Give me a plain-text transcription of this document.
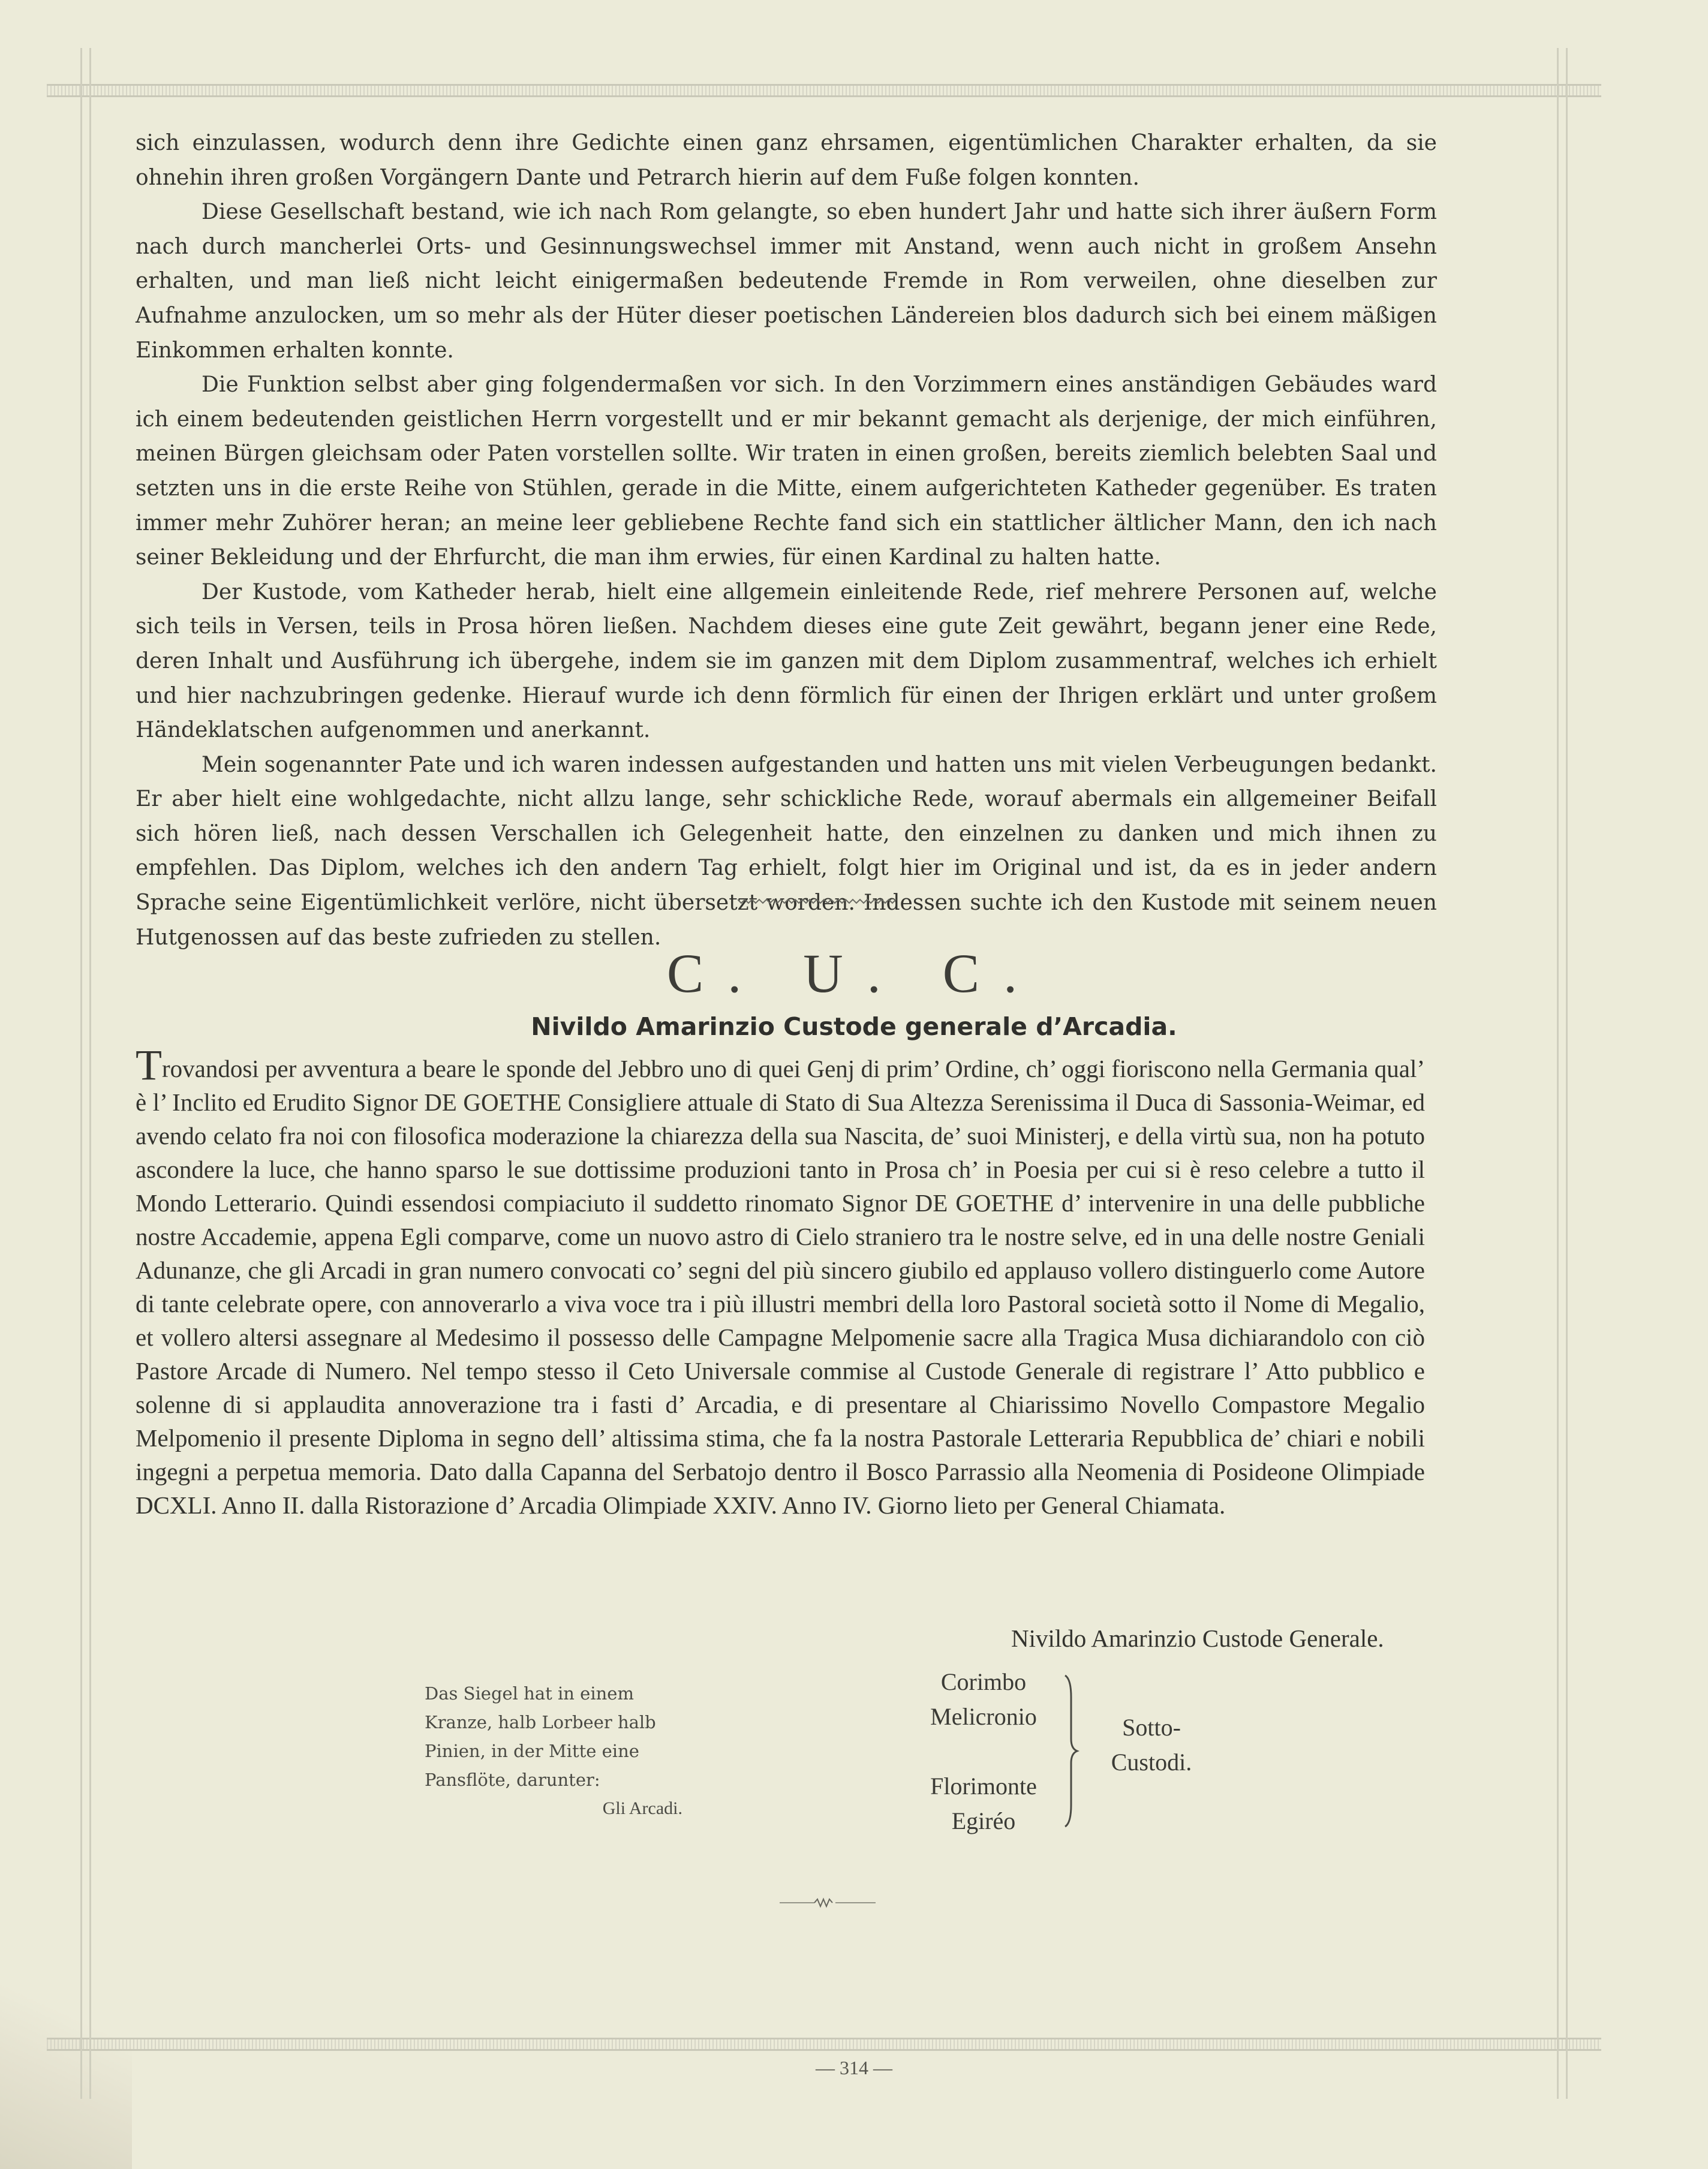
sich einzulassen, wodurch denn ihre Gedichte einen ganz ehrsamen, eigentümlichen Charakter erhalten, da sie ohnehin ihren großen Vorgängern Dante und Petrarch hierin auf dem Fuße folgen konnten.

Diese Gesellschaft bestand, wie ich nach Rom gelangte, so eben hundert Jahr und hatte sich ihrer äußern Form nach durch mancherlei Orts- und Gesinnungswechsel immer mit Anstand, wenn auch nicht in großem Ansehn erhalten, und man ließ nicht leicht einigermaßen bedeutende Fremde in Rom verweilen, ohne dieselben zur Aufnahme anzulocken, um so mehr als der Hüter dieser poetischen Ländereien blos dadurch sich bei einem mäßigen Einkommen erhalten konnte.

Die Funktion selbst aber ging folgendermaßen vor sich. In den Vorzimmern eines anständigen Gebäudes ward ich einem bedeutenden geistlichen Herrn vorgestellt und er mir bekannt gemacht als derjenige, der mich einführen, meinen Bürgen gleichsam oder Paten vorstellen sollte. Wir traten in einen großen, bereits ziemlich belebten Saal und setzten uns in die erste Reihe von Stühlen, gerade in die Mitte, einem aufgerichteten Katheder gegenüber. Es traten immer mehr Zuhörer heran; an meine leer gebliebene Rechte fand sich ein stattlicher ältlicher Mann, den ich nach seiner Bekleidung und der Ehrfurcht, die man ihm erwies, für einen Kardinal zu halten hatte.

Der Kustode, vom Katheder herab, hielt eine allgemein einleitende Rede, rief mehrere Personen auf, welche sich teils in Versen, teils in Prosa hören ließen. Nachdem dieses eine gute Zeit gewährt, begann jener eine Rede, deren Inhalt und Ausführung ich übergehe, indem sie im ganzen mit dem Diplom zusammentraf, welches ich erhielt und hier nachzubringen gedenke. Hierauf wurde ich denn förmlich für einen der Ihrigen erklärt und unter großem Händeklatschen aufgenommen und anerkannt.

Mein sogenannter Pate und ich waren indessen aufgestanden und hatten uns mit vielen Verbeugungen bedankt. Er aber hielt eine wohlgedachte, nicht allzu lange, sehr schickliche Rede, worauf abermals ein allgemeiner Beifall sich hören ließ, nach dessen Verschallen ich Gelegenheit hatte, den einzelnen zu danken und mich ihnen zu empfehlen. Das Diplom, welches ich den andern Tag erhielt, folgt hier im Original und ist, da es in jeder andern Sprache seine Eigentümlichkeit verlöre, nicht übersetzt worden. Indessen suchte ich den Kustode mit seinem neuen Hutgenossen auf das beste zufrieden zu stellen.

C. U. C.
Nivildo Amarinzio Custode generale d’Arcadia.
Trovandosi per avventura a beare le sponde del Jebbro uno di quei Genj di prim’ Ordine, ch’ oggi fioriscono nella Germania qual’ è l’ Inclito ed Erudito Signor DE GOETHE Consigliere attuale di Stato di Sua Altezza Serenissima il Duca di Sassonia-Weimar, ed avendo celato fra noi con filosofica moderazione la chiarezza della sua Nascita, de’ suoi Ministerj, e della virtù sua, non ha potuto ascondere la luce, che hanno sparso le sue dottissime produzioni tanto in Prosa ch’ in Poesia per cui si è reso celebre a tutto il Mondo Letterario. Quindi essendosi compiaciuto il suddetto rinomato Signor DE GOETHE d’ intervenire in una delle pubbliche nostre Accademie, appena Egli comparve, come un nuovo astro di Cielo straniero tra le nostre selve, ed in una delle nostre Geniali Adunanze, che gli Arcadi in gran numero convocati co’ segni del più sincero giubilo ed applauso vollero distinguerlo come Autore di tante celebrate opere, con annoverarlo a viva voce tra i più illustri membri della loro Pastoral società sotto il Nome di Megalio, et vollero altersi assegnare al Medesimo il possesso delle Campagne Melpomenie sacre alla Tragica Musa dichiarandolo con ciò Pastore Arcade di Numero. Nel tempo stesso il Ceto Universale commise al Custode Generale di registrare l’ Atto pubblico e solenne di si applaudita annoverazione tra i fasti d’ Arcadia, e di presentare al Chiarissimo Novello Compastore Megalio Melpomenio il presente Diploma in segno dell’ altissima stima, che fa la nostra Pastorale Letteraria Repubblica de’ chiari e nobili ingegni a perpetua memoria. Dato dalla Capanna del Serbatojo dentro il Bosco Parrassio alla Neomenia di Posideone Olimpiade DCXLI. Anno II. dalla Ristorazione d’ Arcadia Olimpiade XXIV. Anno IV. Giorno lieto per General Chiamata.
Nivildo Amarinzio Custode Generale.
Das Siegel hat in einem
Kranze, halb Lorbeer halb
Pinien, in der Mitte eine
Pansflöte, darunter:
Gli Arcadi.
Corimbo
Melicronio
Florimonte
Egiréo
Sotto-
Custodi.
— 314 —
